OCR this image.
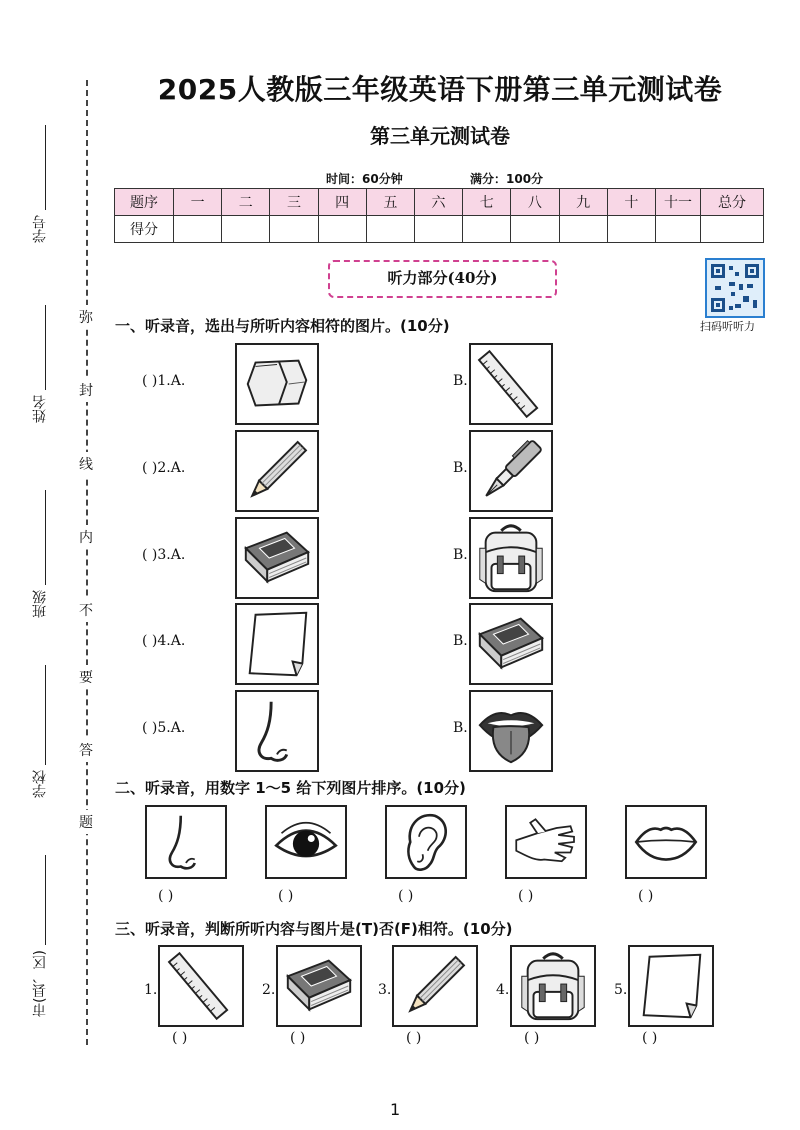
学号
姓名
班级
学校
市(县、区)
弥
封
线
内
不
要
答
题
2025人教版三年级英语下册第三单元测试卷
第三单元测试卷
时间：60分钟	满分：100分
题序	一	二	三	四	五	六	七	八	九	十	十一	总分
得分												
听力部分(40分)
扫码听听力
一、听录音，选出与所听内容相符的图片。(10分)
( )1.A.	B.
( )2.A.	B.
( )3.A.	B.
( )4.A.	B.
( )5.A.	B.
二、听录音，用数字 1～5 给下列图片排序。(10分)
( )	( )	( )	( )	( )
三、听录音，判断所听内容与图片是(T)否(F)相符。(10分)
1.
( )
2.
( )
3.
( )
4.
( )
5.
( )
1
